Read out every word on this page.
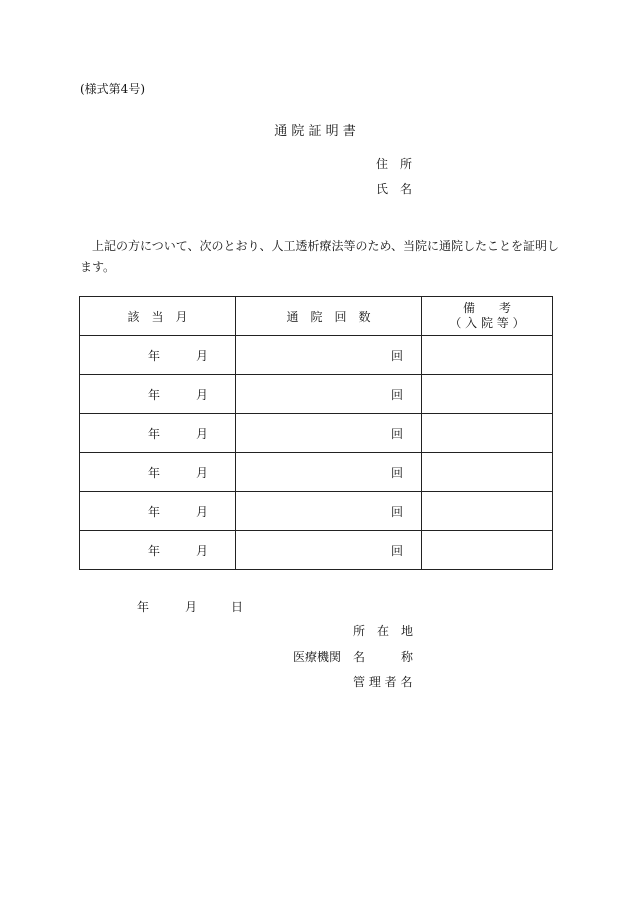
(様式第4号)
通 院 証 明 書
住　所
氏　名
上記の方について、次のとおり、人工透析療法等のため、当院に通院したことを証明し
ます。
該　当　月	通　院　回　数	備　　考
（ 入 院 等 ）

年 月	回	

年 月	回	

年 月	回	

年 月	回	

年 月	回	

年 月	回	
年	月	日
所　在　地
医療機関 名　　　称
管 理 者 名
